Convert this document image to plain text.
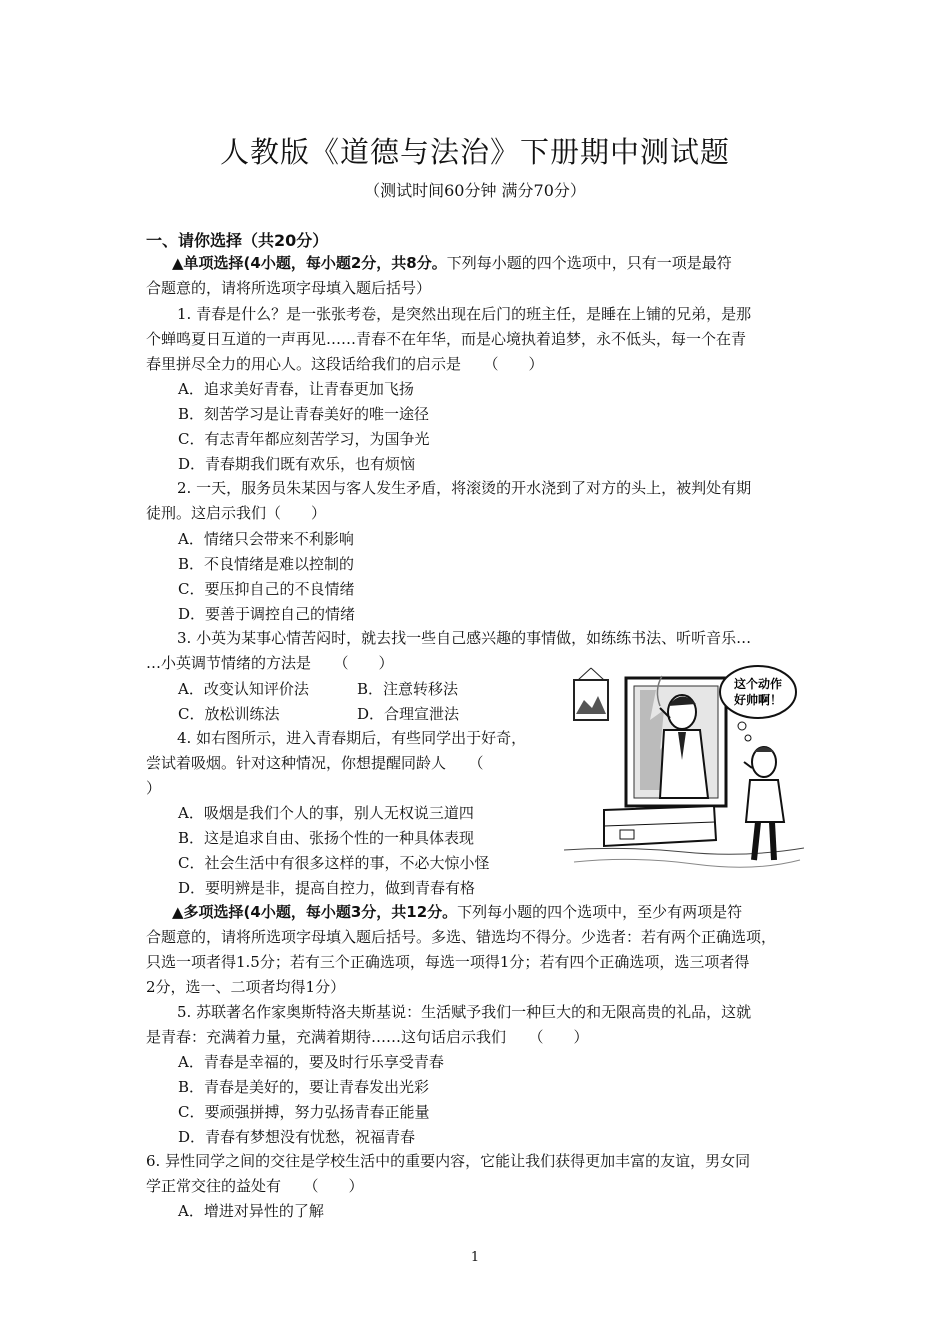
人教版《道德与法治》下册期中测试题
（测试时间60分钟 满分70分）
一、请你选择（共20分）
▲单项选择(4小题，每小题2分，共8分。下列每小题的四个选项中，只有一项是最符
合题意的，请将所选项字母填入题后括号）
1. 青春是什么？是一张张考卷，是突然出现在后门的班主任，是睡在上铺的兄弟，是那
个蝉鸣夏日互道的一声再见……青春不在年华，而是心境执着追梦，永不低头，每一个在青
春里拼尽全力的用心人。这段话给我们的启示是　　（　　）
A．追求美好青春，让青春更加飞扬
B．刻苦学习是让青春美好的唯一途径
C．有志青年都应刻苦学习，为国争光
D．青春期我们既有欢乐，也有烦恼
2. 一天，服务员朱某因与客人发生矛盾，将滚烫的开水浇到了对方的头上，被判处有期
徒刑。这启示我们（　　）
A．情绪只会带来不利影响
B．不良情绪是难以控制的
C．要压抑自己的不良情绪
D．要善于调控自己的情绪
3. 小英为某事心情苦闷时，就去找一些自己感兴趣的事情做，如练练书法、听听音乐…
…小英调节情绪的方法是　　（　　）
A．改变认知评价法	B．注意转移法
C．放松训练法	D．合理宣泄法
4. 如右图所示，进入青春期后，有些同学出于好奇，
尝试着吸烟。针对这种情况，你想提醒同龄人　　（
）
A．吸烟是我们个人的事，别人无权说三道四
B．这是追求自由、张扬个性的一种具体表现
C．社会生活中有很多这样的事，不必大惊小怪
D．要明辨是非，提高自控力，做到青春有格
这个动作
好帅啊！
▲多项选择(4小题，每小题3分，共12分。下列每小题的四个选项中，至少有两项是符
合题意的，请将所选项字母填入题后括号。多选、错选均不得分。少选者：若有两个正确选项，
只选一项者得1.5分；若有三个正确选项，每选一项得1分；若有四个正确选项，选三项者得
2分，选一、二项者均得1分）
5. 苏联著名作家奥斯特洛夫斯基说：生活赋予我们一种巨大的和无限高贵的礼品，这就
是青春：充满着力量，充满着期待……这句话启示我们　　（　　）
A．青春是幸福的，要及时行乐享受青春
B．青春是美好的，要让青春发出光彩
C．要顽强拼搏，努力弘扬青春正能量
D．青春有梦想没有忧愁，祝福青春
6. 异性同学之间的交往是学校生活中的重要内容，它能让我们获得更加丰富的友谊，男女同
学正常交往的益处有　　（　　）
A．增进对异性的了解
1
